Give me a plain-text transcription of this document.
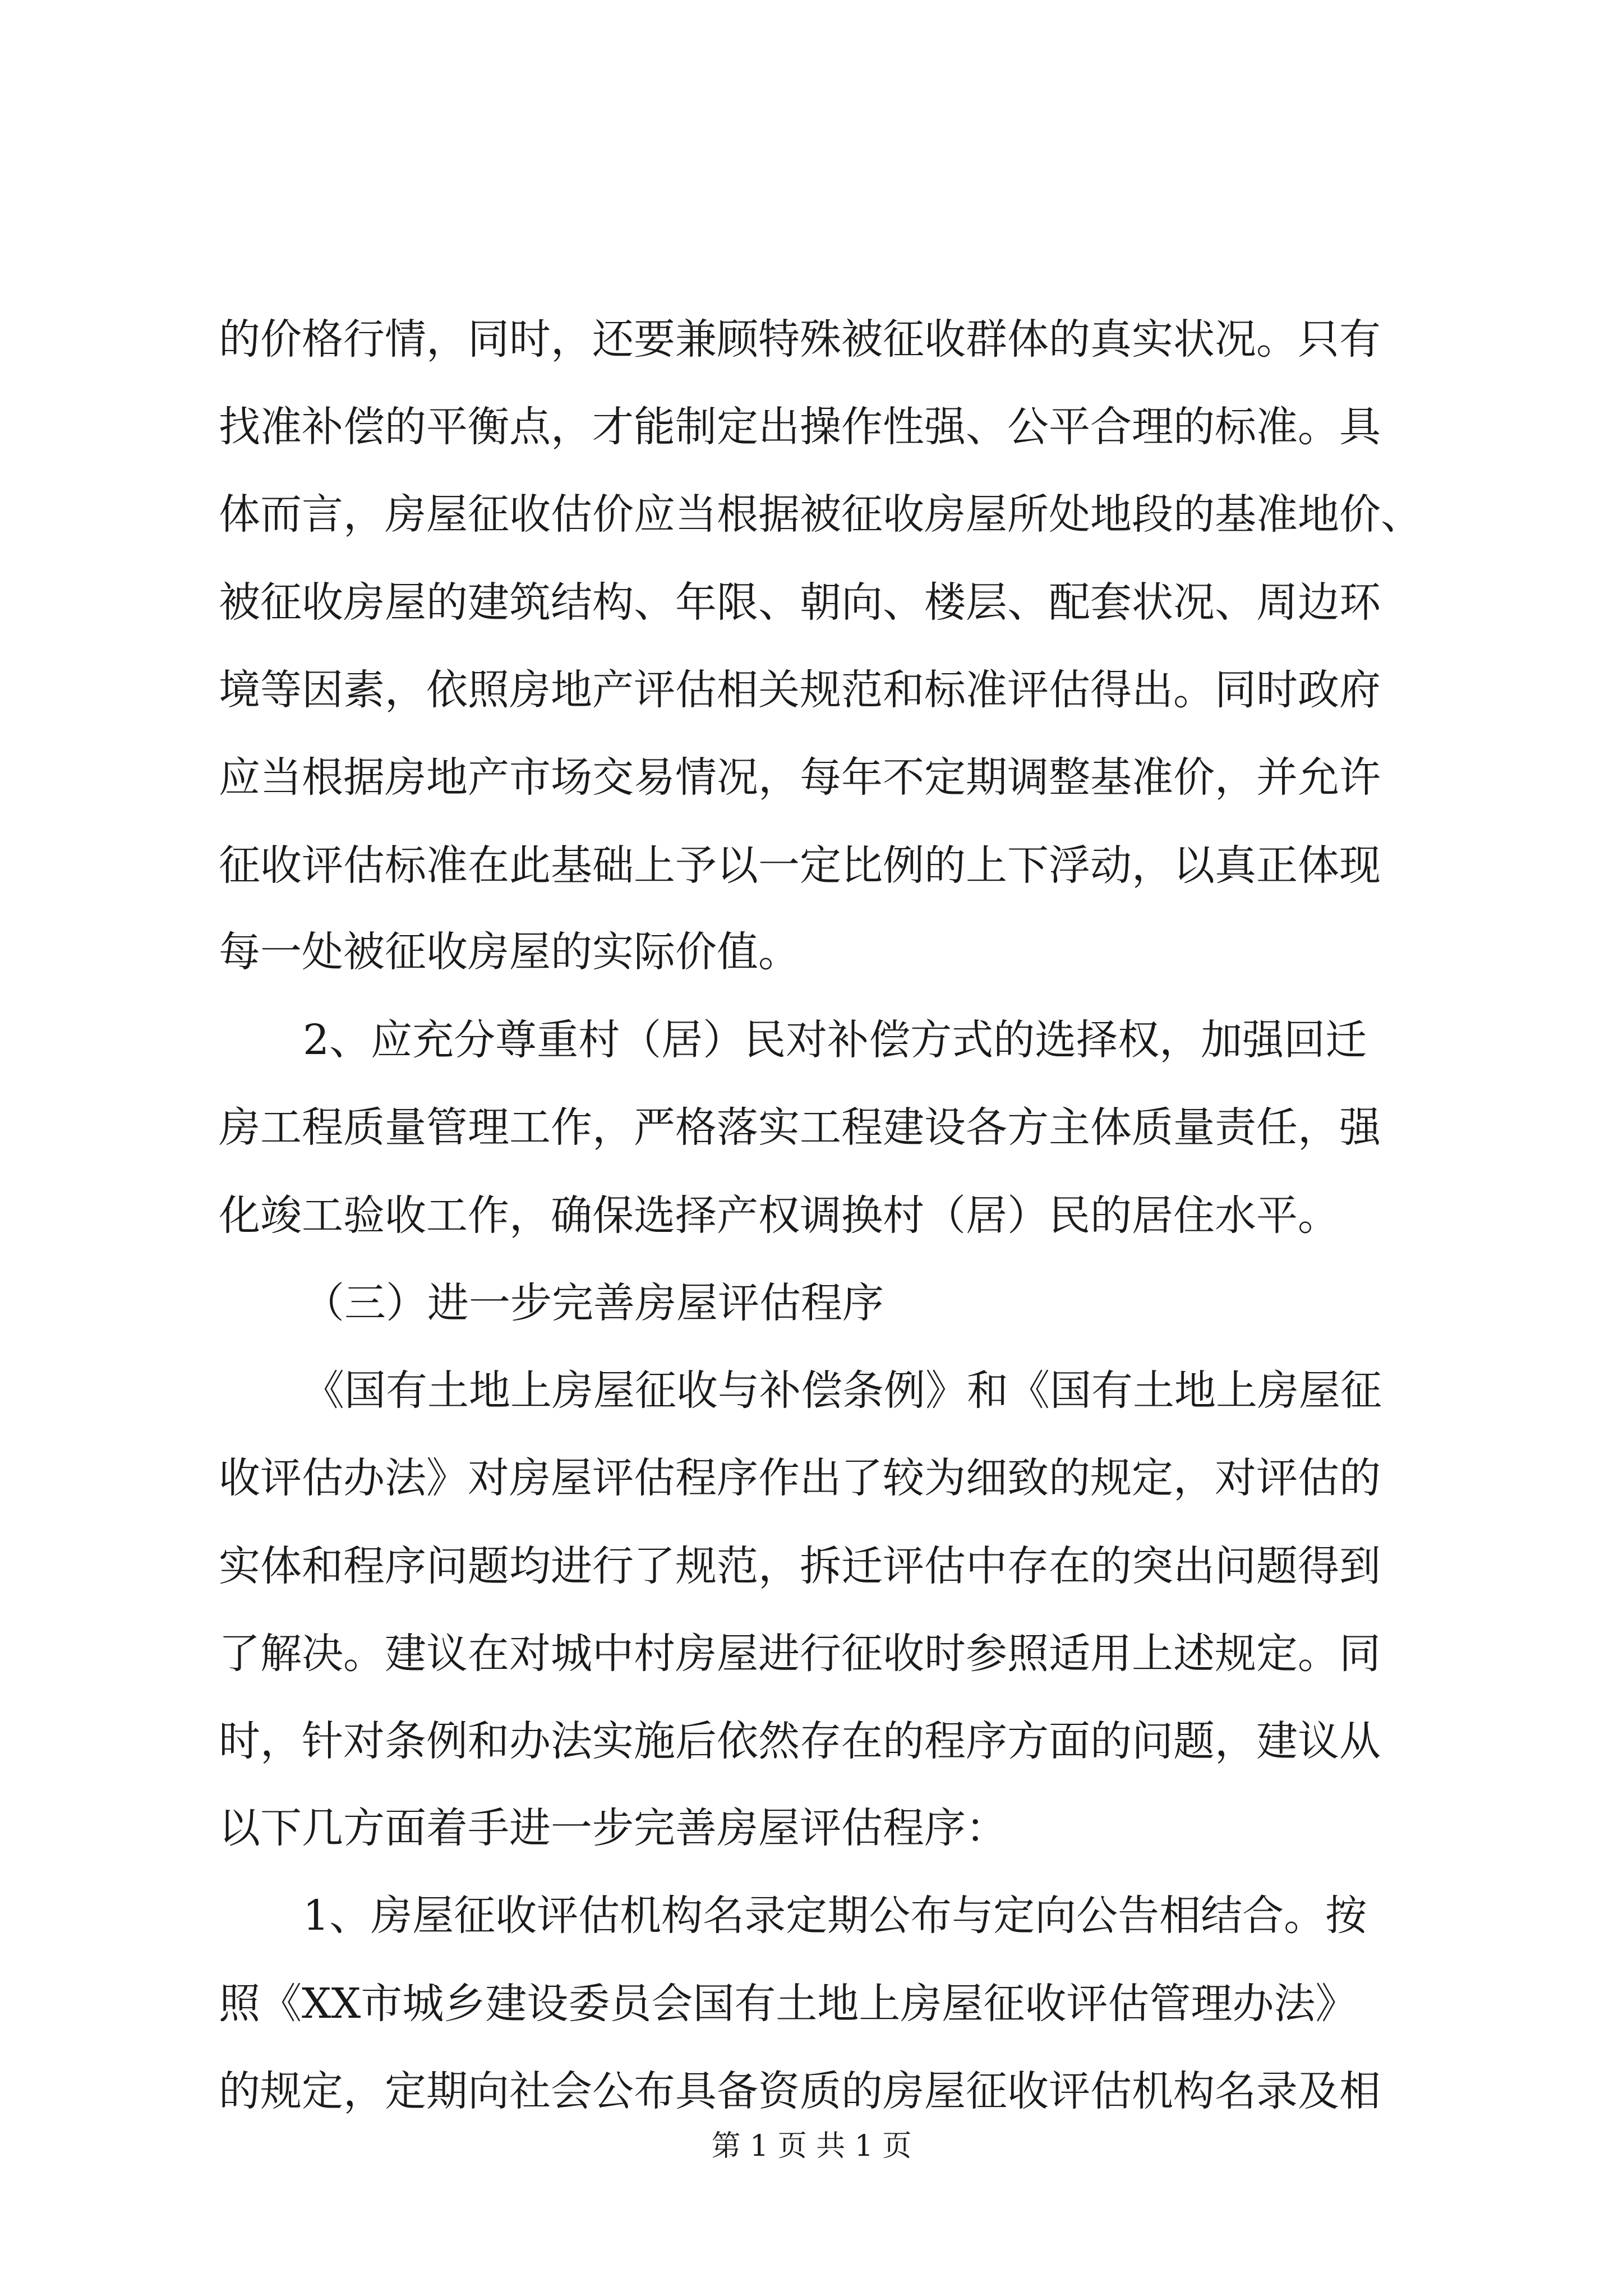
的价格行情，同时，还要兼顾特殊被征收群体的真实状况。只有
找准补偿的平衡点，才能制定出操作性强、公平合理的标准。具
体而言，房屋征收估价应当根据被征收房屋所处地段的基准地价、
被征收房屋的建筑结构、年限、朝向、楼层、配套状况、周边环
境等因素，依照房地产评估相关规范和标准评估得出。同时政府
应当根据房地产市场交易情况，每年不定期调整基准价，并允许
征收评估标准在此基础上予以一定比例的上下浮动，以真正体现
每一处被征收房屋的实际价值。
2、应充分尊重村（居）民对补偿方式的选择权，加强回迁
房工程质量管理工作，严格落实工程建设各方主体质量责任，强
化竣工验收工作，确保选择产权调换村（居）民的居住水平。
（三）进一步完善房屋评估程序
《国有土地上房屋征收与补偿条例》和《国有土地上房屋征
收评估办法》对房屋评估程序作出了较为细致的规定，对评估的
实体和程序问题均进行了规范，拆迁评估中存在的突出问题得到
了解决。建议在对城中村房屋进行征收时参照适用上述规定。同
时，针对条例和办法实施后依然存在的程序方面的问题，建议从
以下几方面着手进一步完善房屋评估程序：
1、房屋征收评估机构名录定期公布与定向公告相结合。按
照《XX市城乡建设委员会国有土地上房屋征收评估管理办法》
的规定，定期向社会公布具备资质的房屋征收评估机构名录及相
第 1 页 共 1 页
